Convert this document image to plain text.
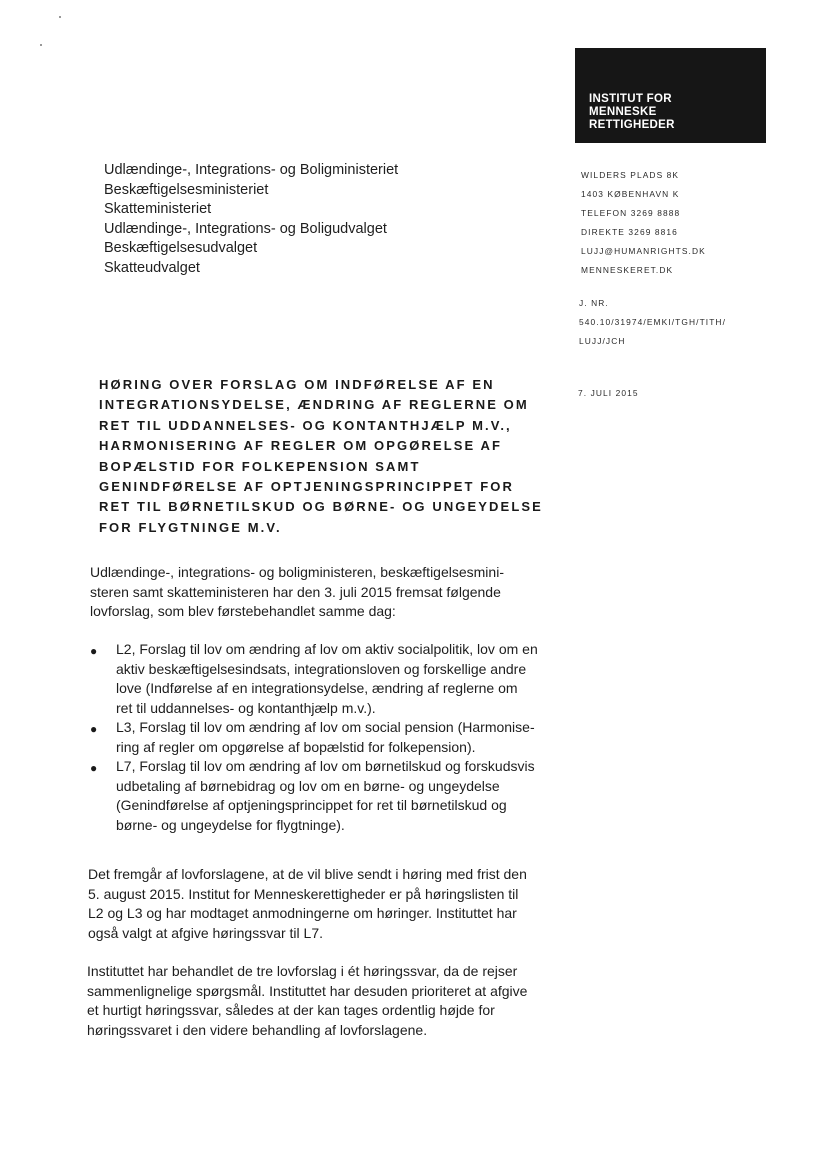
INSTITUT FOR
MENNESKE
RETTIGHEDER
Udlændinge-, Integrations- og Boligministeriet
Beskæftigelsesministeriet
Skatteministeriet
Udlændinge-, Integrations- og Boligudvalget
Beskæftigelsesudvalget
Skatteudvalget
WILDERS PLADS 8K
1403 KØBENHAVN K
TELEFON 3269 8888
DIREKTE 3269 8816
LUJJ@HUMANRIGHTS.DK
MENNESKERET.DK
J. NR.
540.10/31974/EMKI/TGH/TITH/
LUJJ/JCH
7. JULI 2015
HØRING OVER FORSLAG OM INDFØRELSE AF EN
INTEGRATIONSYDELSE, ÆNDRING AF REGLERNE OM
RET TIL UDDANNELSES- OG KONTANTHJÆLP M.V.,
HARMONISERING AF REGLER OM OPGØRELSE AF
BOPÆLSTID FOR FOLKEPENSION SAMT
GENINDFØRELSE AF OPTJENINGSPRINCIPPET FOR
RET TIL BØRNETILSKUD OG BØRNE- OG UNGEYDELSE
FOR FLYGTNINGE M.V.
Udlændinge-, integrations- og boligministeren, beskæftigelsesmini-
steren samt skatteministeren har den 3. juli 2015 fremsat følgende
lovforslag, som blev førstebehandlet samme dag:
● L2, Forslag til lov om ændring af lov om aktiv socialpolitik, lov om en
aktiv beskæftigelsesindsats, integrationsloven og forskellige andre
love (Indførelse af en integrationsydelse, ændring af reglerne om
ret til uddannelses- og kontanthjælp m.v.).
● L3, Forslag til lov om ændring af lov om social pension (Harmonise-
ring af regler om opgørelse af bopælstid for folkepension).
● L7, Forslag til lov om ændring af lov om børnetilskud og forskudsvis
udbetaling af børnebidrag og lov om en børne- og ungeydelse
(Genindførelse af optjeningsprincippet for ret til børnetilskud og
børne- og ungeydelse for flygtninge).
Det fremgår af lovforslagene, at de vil blive sendt i høring med frist den
5. august 2015. Institut for Menneskerettigheder er på høringslisten til
L2 og L3 og har modtaget anmodningerne om høringer. Instituttet har
også valgt at afgive høringssvar til L7.
Instituttet har behandlet de tre lovforslag i ét høringssvar, da de rejser
sammenlignelige spørgsmål. Instituttet har desuden prioriteret at afgive
et hurtigt høringssvar, således at der kan tages ordentlig højde for
høringssvaret i den videre behandling af lovforslagene.
